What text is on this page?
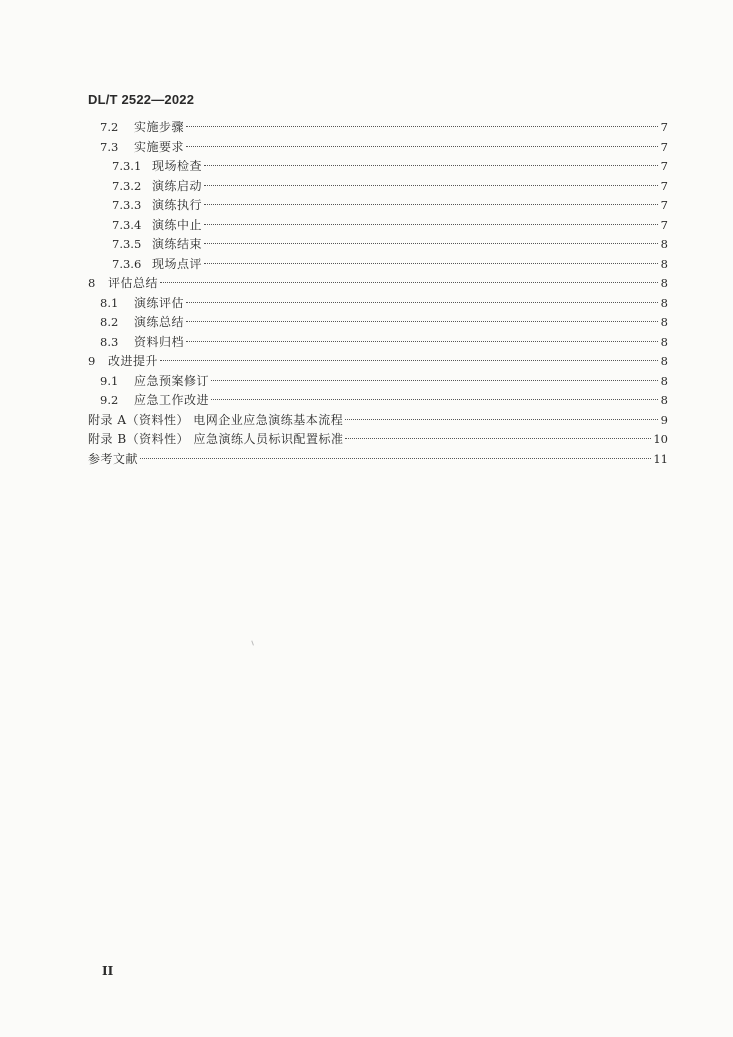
DL/T 2522—2022
7.2	实施步骤	7
7.3	实施要求	7
7.3.1 现场检查	7
7.3.2 演练启动	7
7.3.3 演练执行	7
7.3.4 演练中止	7
7.3.5 演练结束	8
7.3.6 现场点评	8
8	评估总结	8
8.1	演练评估	8
8.2	演练总结	8
8.3	资料归档	8
9	改进提升	8
9.1	应急预案修订	8
9.2	应急工作改进	8
附录 A（资料性） 电网企业应急演练基本流程	9
附录 B（资料性） 应急演练人员标识配置标准	10
参考文献	11
II
